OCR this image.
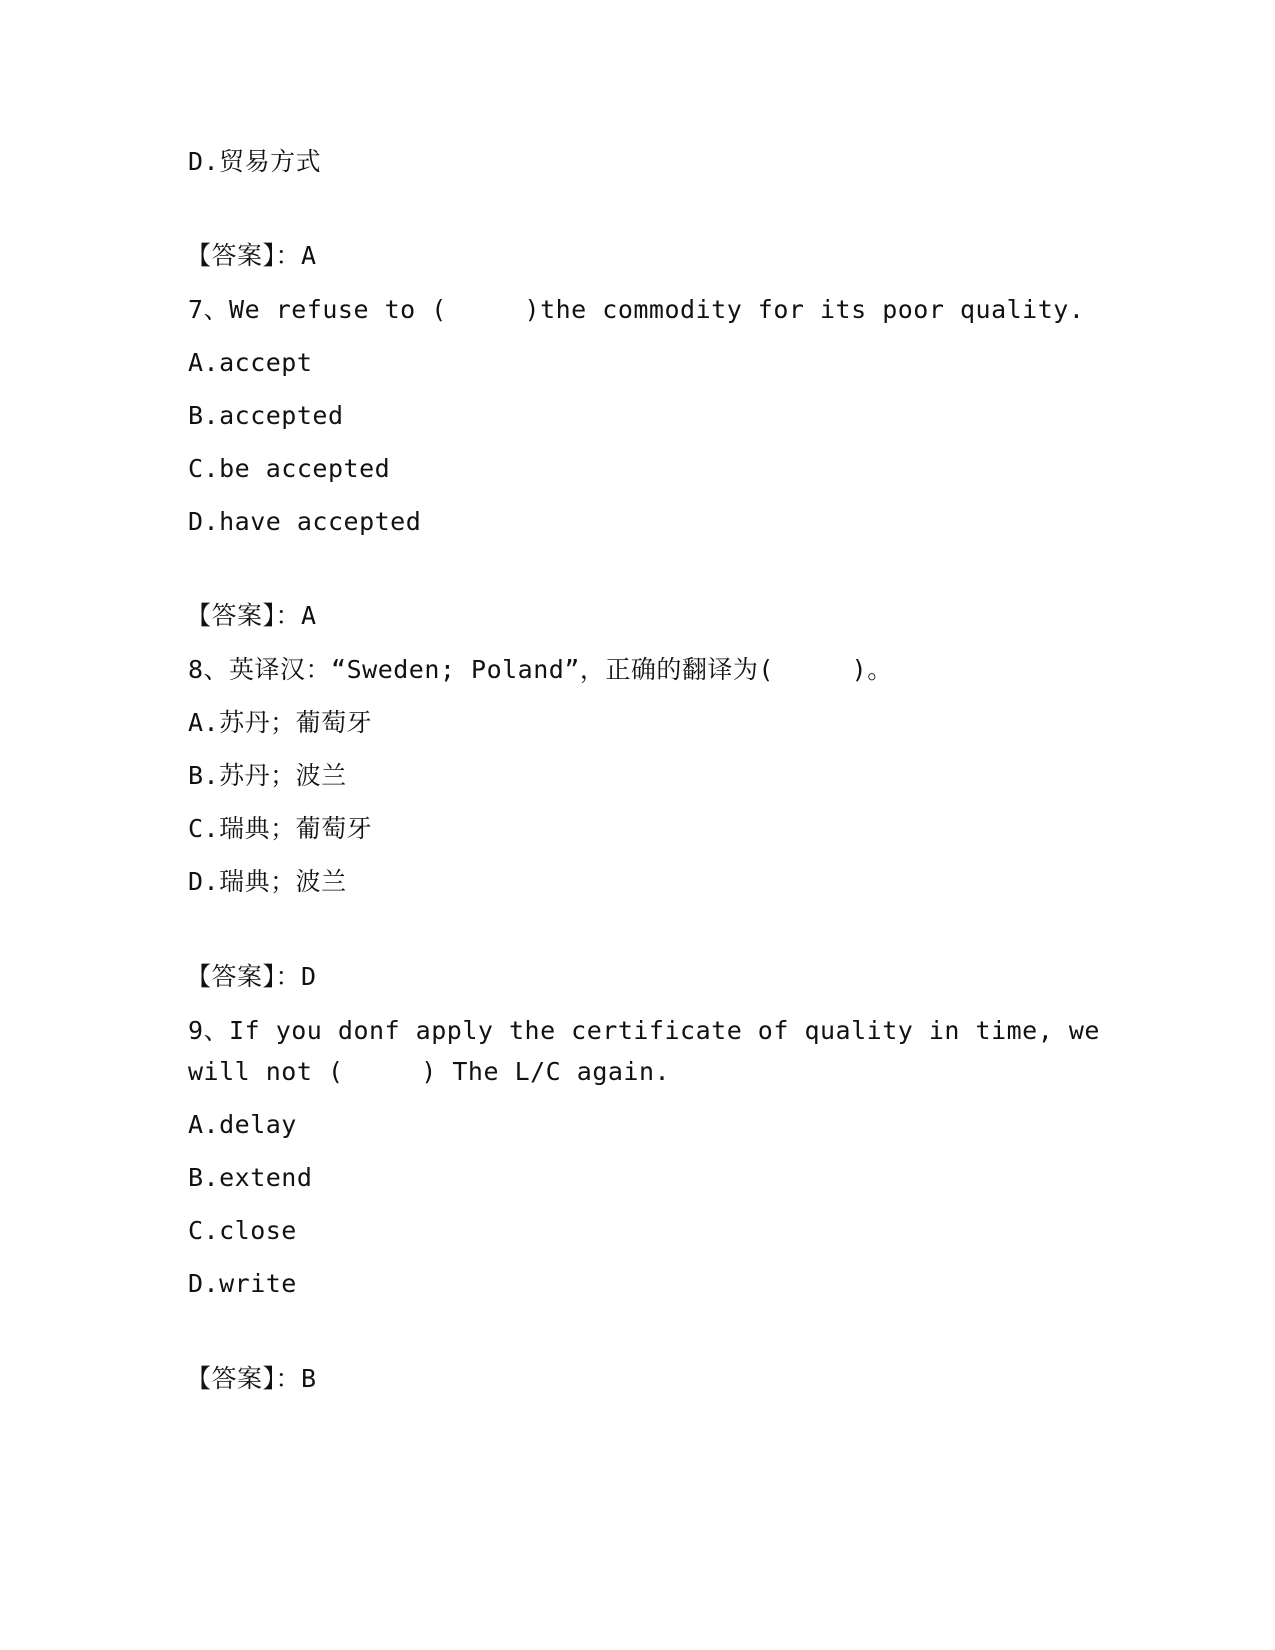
D.贸易方式
【答案】：A
7、We refuse to (     )the commodity for its poor quality.
A.accept
B.accepted
C.be accepted
D.have accepted
【答案】：A
8、英译汉：“Sweden; Poland”，正确的翻译为(     )。
A.苏丹；葡萄牙
B.苏丹；波兰
C.瑞典；葡萄牙
D.瑞典；波兰
【答案】：D
9、If you donf apply the certificate of quality in time, we
will not (     ) The L/C again.
A.delay
B.extend
C.close
D.write
【答案】：B
